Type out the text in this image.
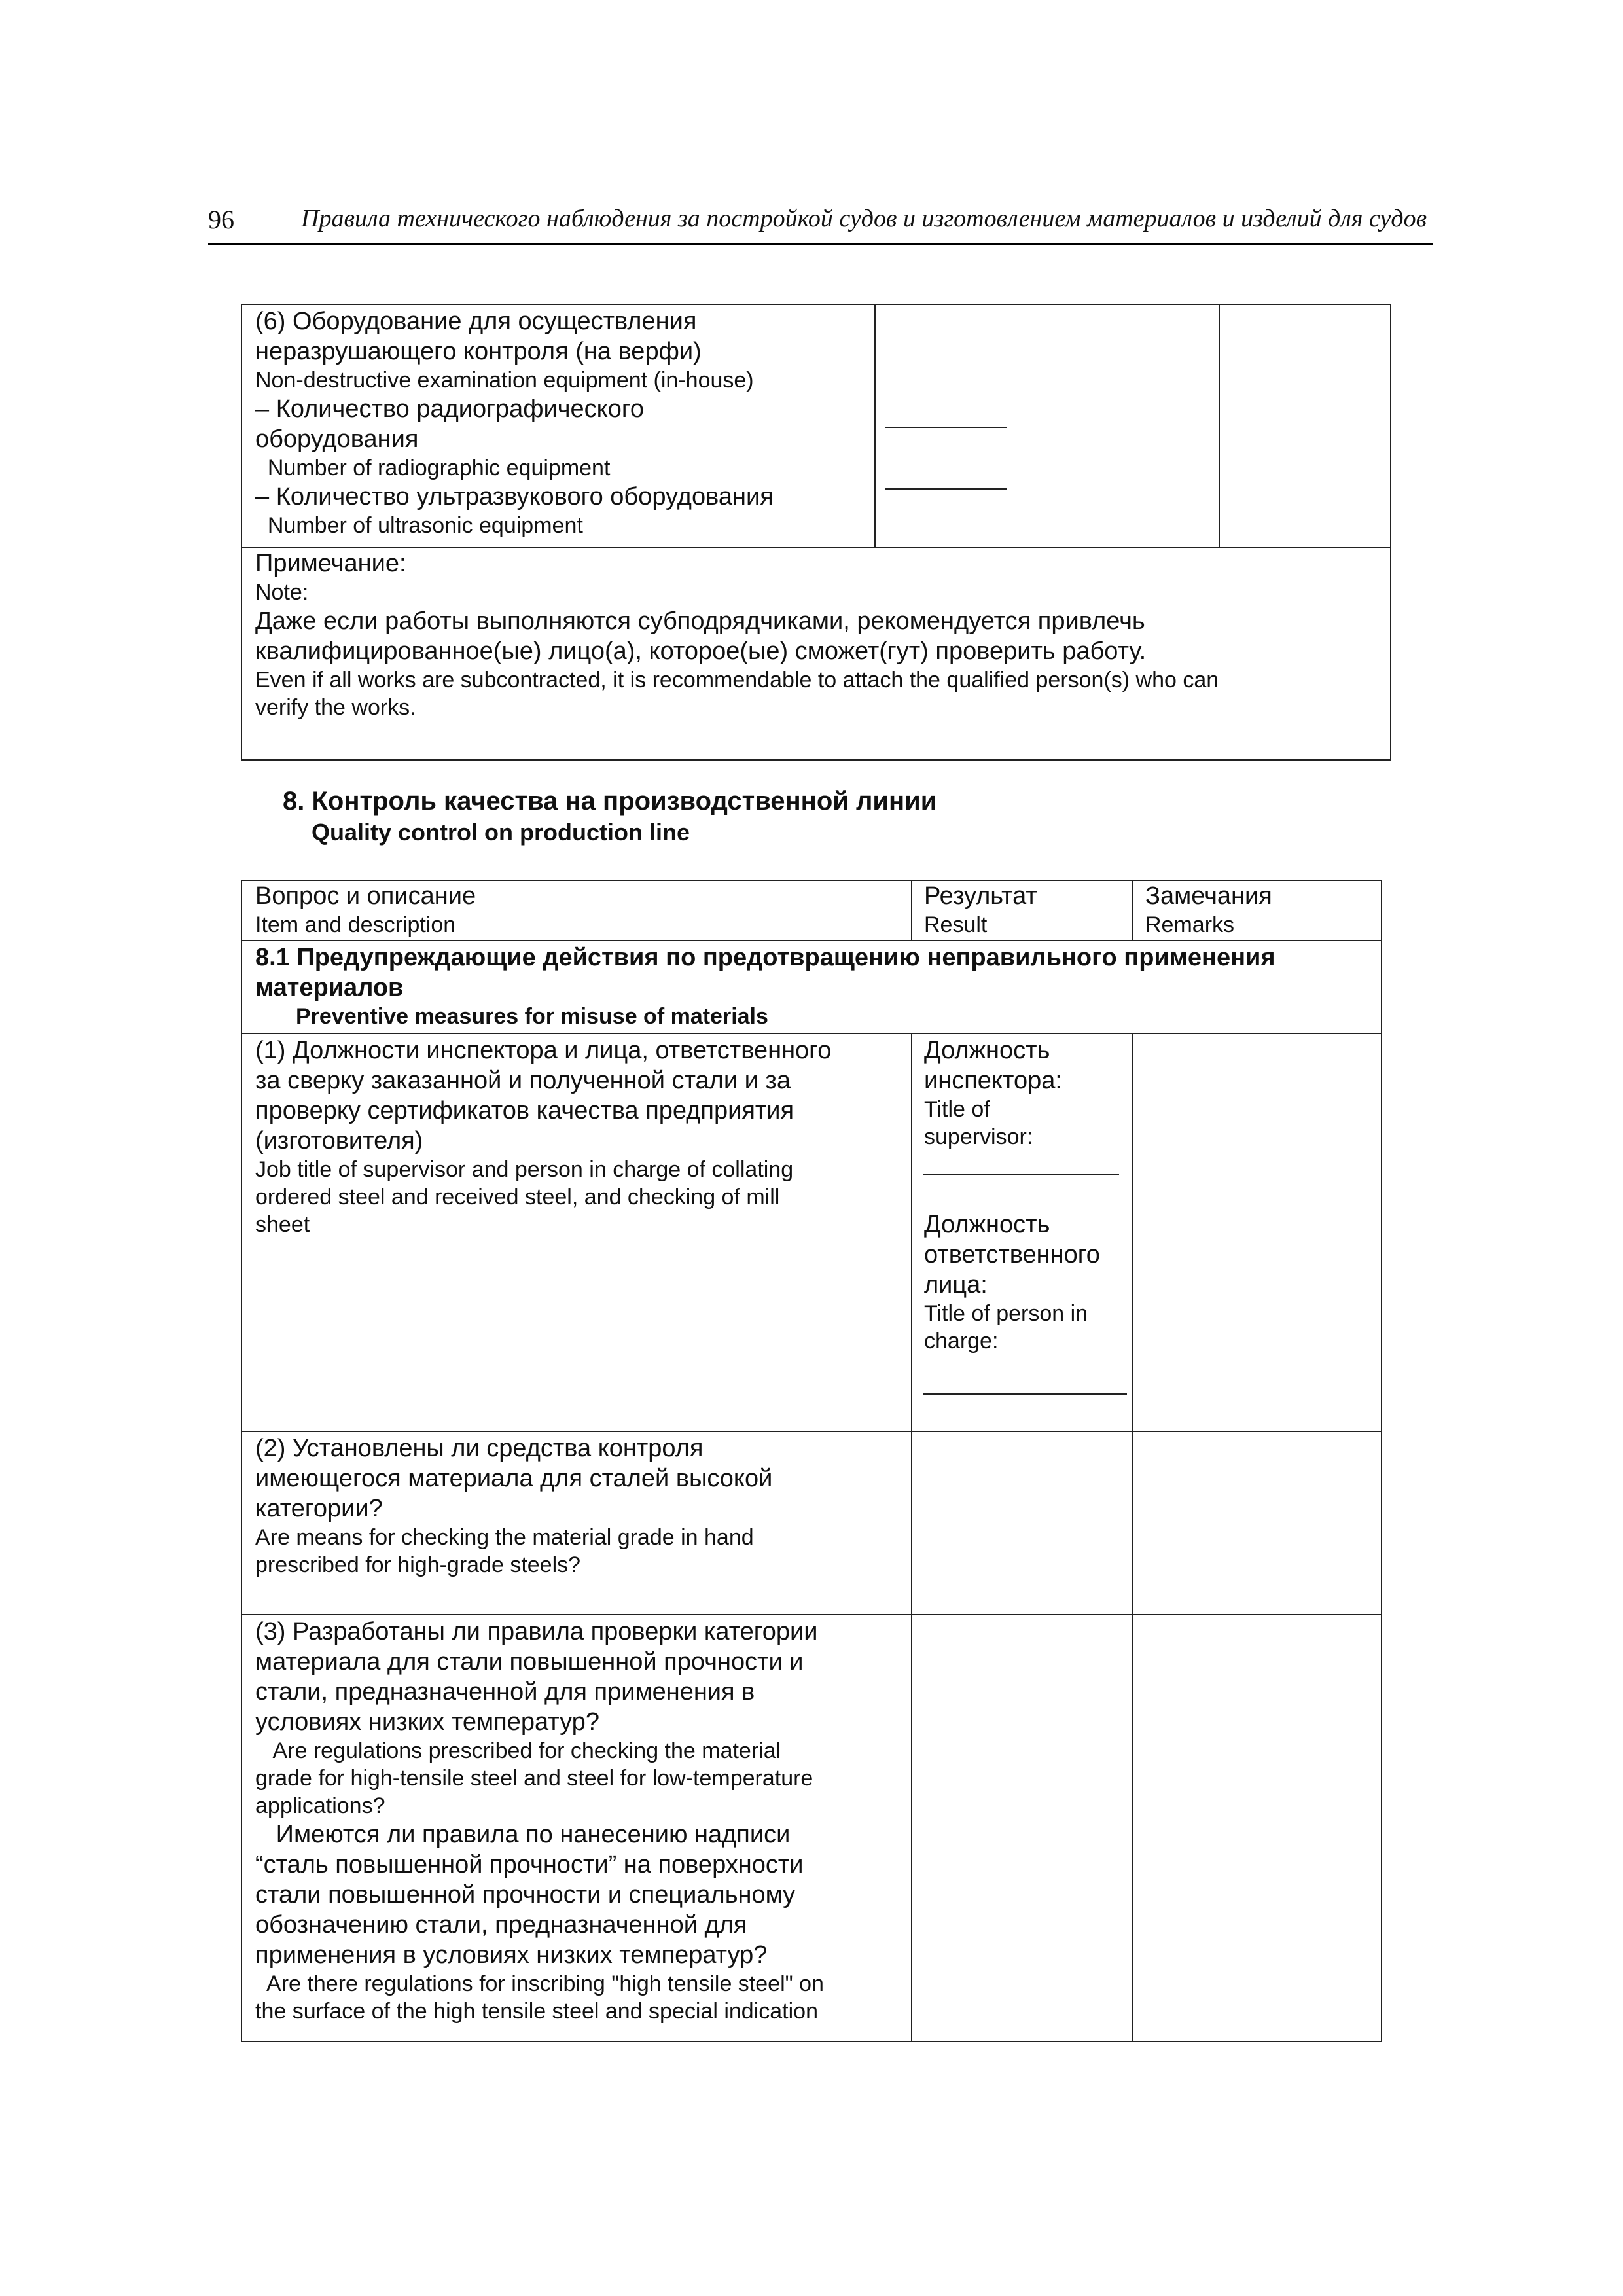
96	Правила технического наблюдения за постройкой судов и изготовлением материалов и изделий для судов
(6) Оборудование для осуществления
неразрушающего контроля (на верфи)
Non-destructive examination equipment (in-house)
– Количество радиографического
оборудования
Number of radiographic equipment
– Количество ультразвукового оборудования
Number of ultrasonic equipment
Примечание:
Note:
Даже если работы выполняются субподрядчиками, рекомендуется привлечь
квалифицированное(ые) лицо(а), которое(ые) сможет(гут) проверить работу.
Even if all works are subcontracted, it is recommendable to attach the qualified person(s) who can
verify the works.
8. Контроль качества на производственной линии
Quality control on production line
Вопрос и описание
Item and description
Результат
Result
Замечания
Remarks
8.1 Предупреждающие действия по предотвращению неправильного применения
материалов
Preventive measures for misuse of materials
(1) Должности инспектора и лица, ответственного
за сверку заказанной и полученной стали и за
проверку сертификатов качества предприятия
(изготовителя)
Job title of supervisor and person in charge of collating
ordered steel and received steel, and checking of mill
sheet
Должность
инспектора:
Title of
supervisor:
Должность
ответственного
лица:
Title of person in
charge:
(2) Установлены ли средства контроля
имеющегося материала для сталей высокой
категории?
Are means for checking the material grade in hand
prescribed for high-grade steels?
(3) Разработаны ли правила проверки категории
материала для стали повышенной прочности и
стали, предназначенной для применения в
условиях низких температур?
Are regulations prescribed for checking the material
grade for high-tensile steel and steel for low-temperature
applications?
Имеются ли правила по нанесению надписи
“сталь повышенной прочности” на поверхности
стали повышенной прочности и специальному
обозначению стали, предназначенной для
применения в условиях низких температур?
Are there regulations for inscribing "high tensile steel" on
the surface of the high tensile steel and special indication
